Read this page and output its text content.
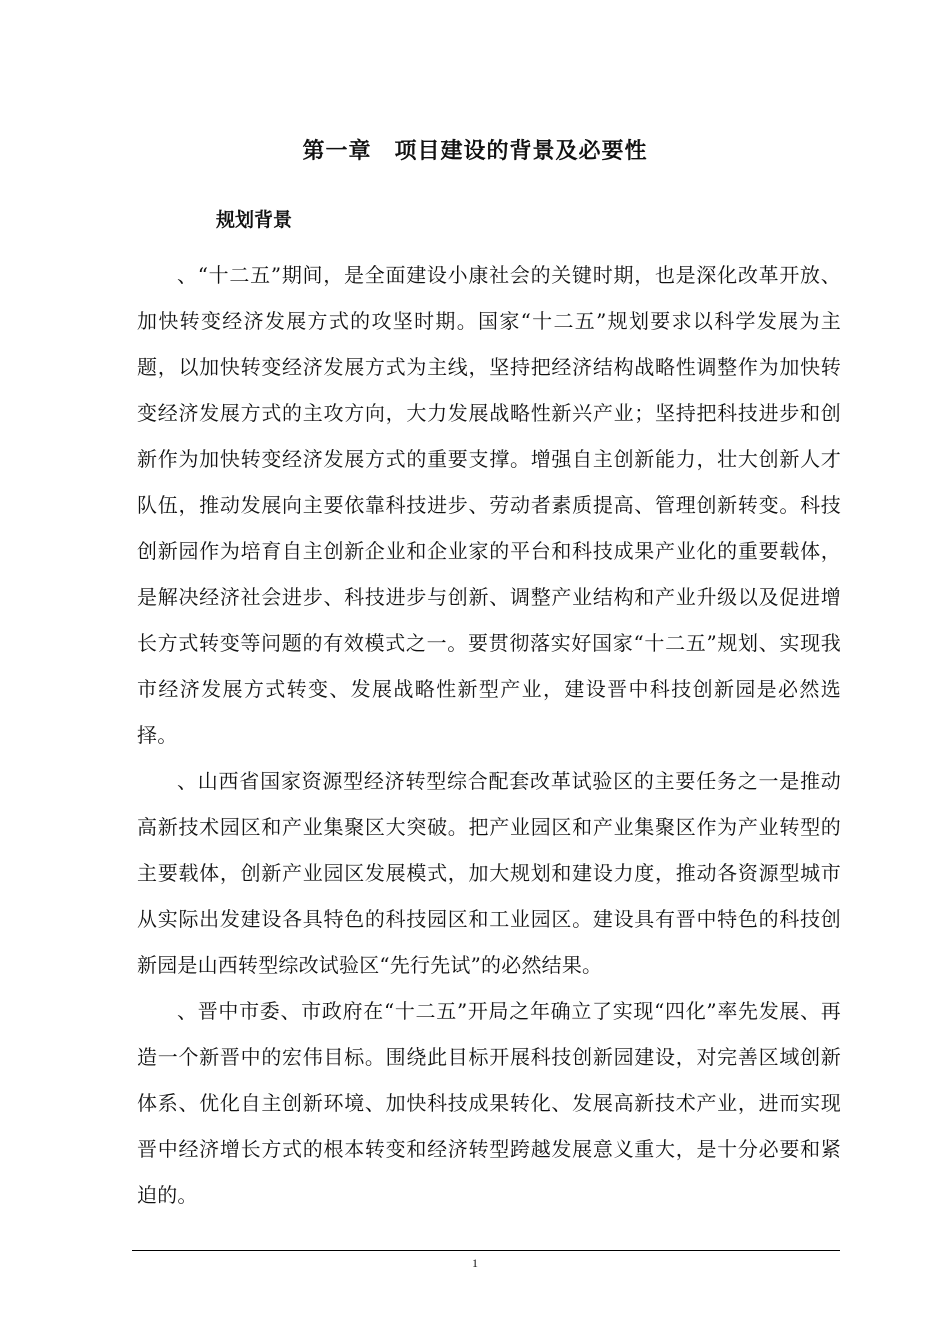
第一章　项目建设的背景及必要性
规划背景

、“十二五”期间，是全面建设小康社会的关键时期，也是深化改革开放、加快转变经济发展方式的攻坚时期。国家“十二五”规划要求以科学发展为主题，以加快转变经济发展方式为主线，坚持把经济结构战略性调整作为加快转变经济发展方式的主攻方向，大力发展战略性新兴产业；坚持把科技进步和创新作为加快转变经济发展方式的重要支撑。增强自主创新能力，壮大创新人才队伍，推动发展向主要依靠科技进步、劳动者素质提高、管理创新转变。科技创新园作为培育自主创新企业和企业家的平台和科技成果产业化的重要载体，是解决经济社会进步、科技进步与创新、调整产业结构和产业升级以及促进增长方式转变等问题的有效模式之一。要贯彻落实好国家“十二五”规划、实现我市经济发展方式转变、发展战略性新型产业，建设晋中科技创新园是必然选择。

、山西省国家资源型经济转型综合配套改革试验区的主要任务之一是推动高新技术园区和产业集聚区大突破。把产业园区和产业集聚区作为产业转型的主要载体，创新产业园区发展模式，加大规划和建设力度，推动各资源型城市从实际出发建设各具特色的科技园区和工业园区。建设具有晋中特色的科技创新园是山西转型综改试验区“先行先试”的必然结果。

、晋中市委、市政府在“十二五”开局之年确立了实现“四化”率先发展、再造一个新晋中的宏伟目标。围绕此目标开展科技创新园建设，对完善区域创新体系、优化自主创新环境、加快科技成果转化、发展高新技术产业，进而实现晋中经济增长方式的根本转变和经济转型跨越发展意义重大，是十分必要和紧迫的。

1
